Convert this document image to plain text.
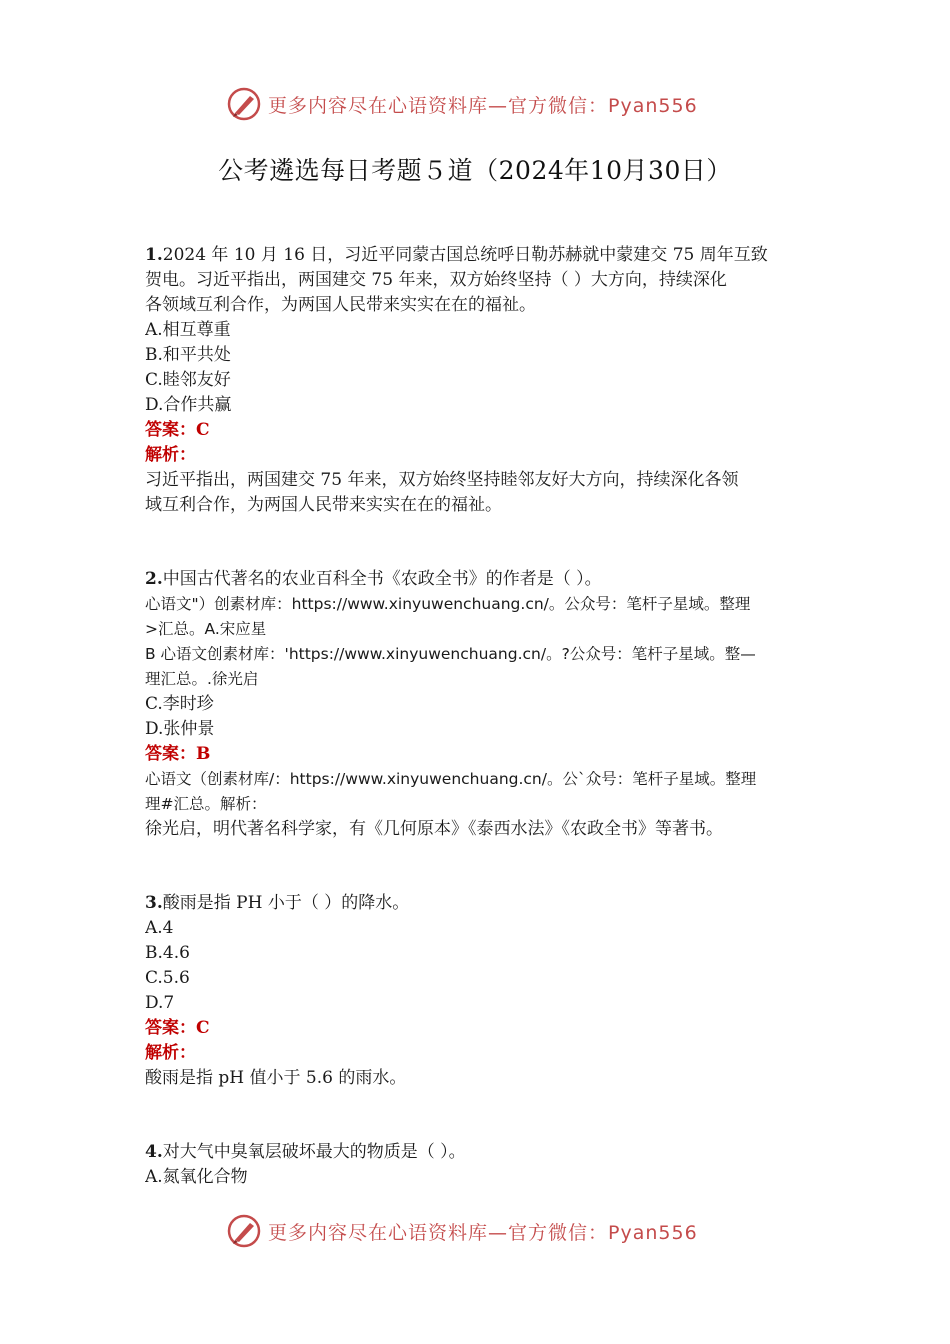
更多内容尽在心语资料库—官方微信：Pyan556
公考遴选每日考题５道（2024年10月30日）
1.2024 年 10 月 16 日，习近平同蒙古国总统呼日勒苏赫就中蒙建交 75 周年互致
贺电。习近平指出，两国建交 75 年来，双方始终坚持（ ）大方向，持续深化
各领域互利合作，为两国人民带来实实在在的福祉。
A.相互尊重
B.和平共处
C.睦邻友好
D.合作共赢
答案：C
解析：
习近平指出，两国建交 75 年来，双方始终坚持睦邻友好大方向，持续深化各领
域互利合作，为两国人民带来实实在在的福祉。
2.中国古代著名的农业百科全书《农政全书》的作者是（ ）。
心语文"）创素材库：https://www.xinyuwenchuang.cn/。公众号：笔杆子星域。整理
>汇总。A.宋应星
B 心语文创素材库：'https://www.xinyuwenchuang.cn/。?公众号：笔杆子星域。整—
理汇总。.徐光启
C.李时珍
D.张仲景
答案：B
心语文（创素材库/：https://www.xinyuwenchuang.cn/。公`众号：笔杆子星域。整理
理#汇总。解析：
徐光启，明代著名科学家，有《几何原本》《泰西水法》《农政全书》等著书。
3.酸雨是指 PH 小于（ ）的降水。
A.4
B.4.6
C.5.6
D.7
答案：C
解析：
酸雨是指 pH 值小于 5.6 的雨水。
4.对大气中臭氧层破坏最大的物质是（ ）。
A.氮氧化合物
更多内容尽在心语资料库—官方微信：Pyan556
